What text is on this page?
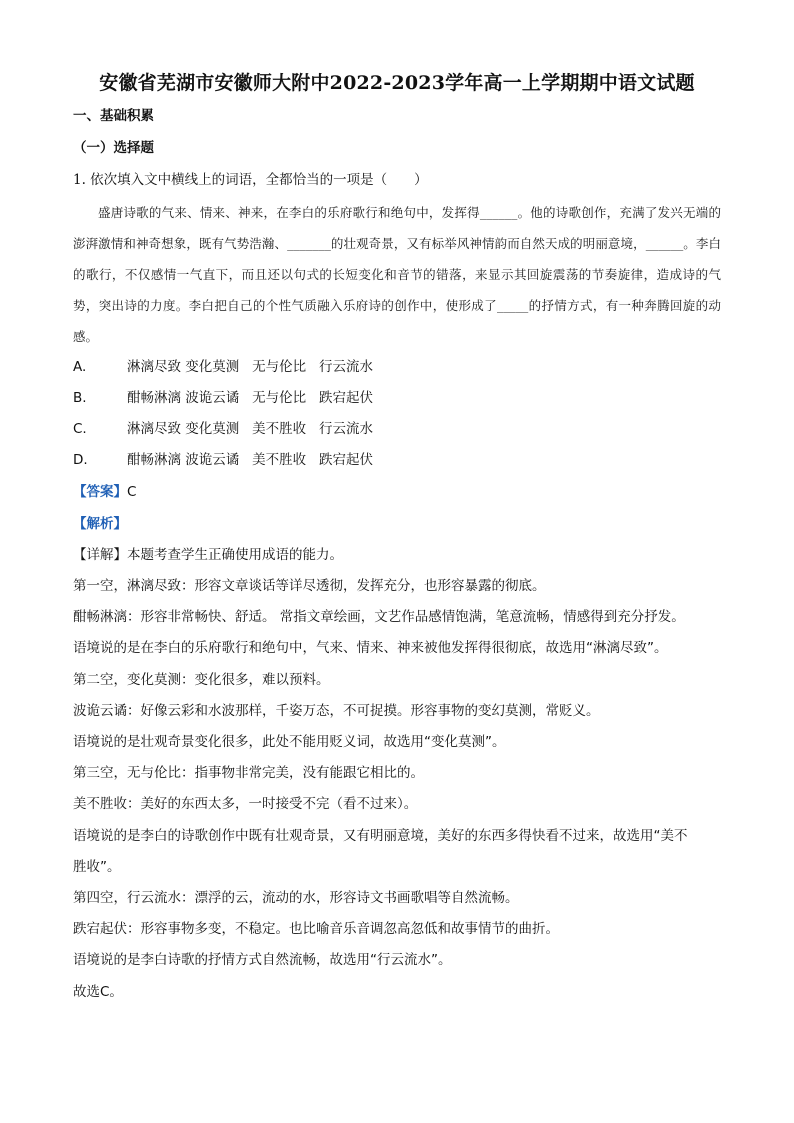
安徽省芜湖市安徽师大附中2022-2023学年高一上学期期中语文试题
一、基础积累
（一）选择题
1. 依次填入文中横线上的词语，全都恰当的一项是（　　）
盛唐诗歌的气来、情来、神来，在李白的乐府歌行和绝句中，发挥得______。他的诗歌创作，充满了发兴无端的澎湃激情和神奇想象，既有气势浩瀚、_______的壮观奇景，又有标举风神情韵而自然天成的明丽意境，______。李白的歌行，不仅感情一气直下，而且还以句式的长短变化和音节的错落，来显示其回旋震荡的节奏旋律，造成诗的气势，突出诗的力度。李白把自己的个性气质融入乐府诗的创作中，使形成了_____的抒情方式，有一种奔腾回旋的动感。
A.	淋漓尽致 变化莫测 无与伦比 行云流水
B.	酣畅淋漓 波诡云谲 无与伦比 跌宕起伏
C.	淋漓尽致 变化莫测 美不胜收 行云流水
D.	酣畅淋漓 波诡云谲 美不胜收 跌宕起伏
【答案】C
【解析】
【详解】本题考查学生正确使用成语的能力。
第一空，淋漓尽致：形容文章谈话等详尽透彻，发挥充分，也形容暴露的彻底。
酣畅淋漓：形容非常畅快、舒适。 常指文章绘画，文艺作品感情饱满，笔意流畅，情感得到充分抒发。
语境说的是在李白的乐府歌行和绝句中，气来、情来、神来被他发挥得很彻底，故选用“淋漓尽致”。
第二空，变化莫测：变化很多，难以预料。
波诡云谲：好像云彩和水波那样，千姿万态，不可捉摸。形容事物的变幻莫测，常贬义。
语境说的是壮观奇景变化很多，此处不能用贬义词，故选用“变化莫测”。
第三空，无与伦比：指事物非常完美，没有能跟它相比的。
美不胜收：美好的东西太多，一时接受不完（看不过来）。
语境说的是李白的诗歌创作中既有壮观奇景，又有明丽意境，美好的东西多得快看不过来，故选用“美不
胜收”。
第四空，行云流水：漂浮的云，流动的水，形容诗文书画歌唱等自然流畅。
跌宕起伏：形容事物多变，不稳定。也比喻音乐音调忽高忽低和故事情节的曲折。
语境说的是李白诗歌的抒情方式自然流畅，故选用“行云流水”。
故选C。
